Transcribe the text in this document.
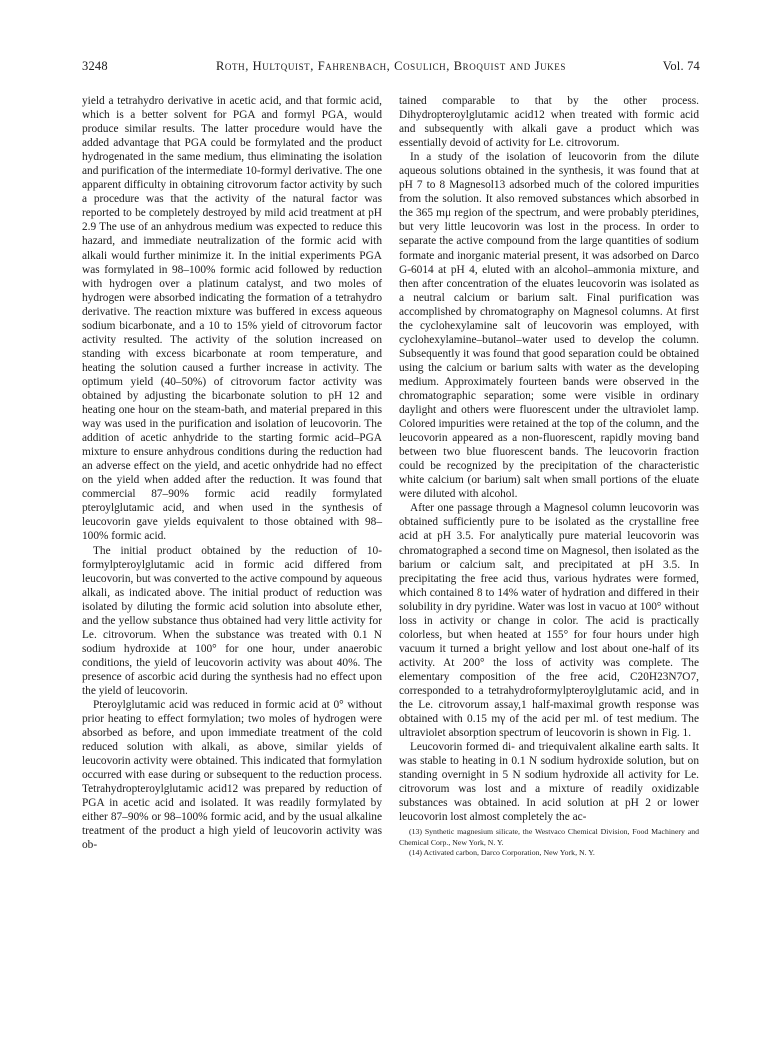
3248	Roth, Hultquist, Fahrenbach, Cosulich, Broquist and Jukes	Vol. 74

yield a tetrahydro derivative in acetic acid, and that formic acid, which is a better solvent for PGA and formyl PGA, would produce similar results. The latter procedure would have the added advantage that PGA could be formylated and the product hydrogenated in the same medium, thus eliminating the isolation and purification of the intermediate 10-formyl derivative. The one apparent difficulty in obtaining citrovorum factor activity by such a procedure was that the activity of the natural factor was reported to be completely destroyed by mild acid treatment at pH 2.9 The use of an anhydrous medium was expected to reduce this hazard, and immediate neutralization of the formic acid with alkali would further minimize it. In the initial experiments PGA was formylated in 98–100% formic acid followed by reduction with hydrogen over a platinum catalyst, and two moles of hydrogen were absorbed indicating the formation of a tetrahydro derivative. The reaction mixture was buffered in excess aqueous sodium bicarbonate, and a 10 to 15% yield of citrovorum factor activity resulted. The activity of the solution increased on standing with excess bicarbonate at room temperature, and heating the solution caused a further increase in activity. The optimum yield (40–50%) of citrovorum factor activity was obtained by adjusting the bicarbonate solution to pH 12 and heating one hour on the steam-bath, and material prepared in this way was used in the purification and isolation of leucovorin. The addition of acetic anhydride to the starting formic acid–PGA mixture to ensure anhydrous conditions during the reduction had an adverse effect on the yield, and acetic onhydride had no effect on the yield when added after the reduction. It was found that commercial 87–90% formic acid readily formylated pteroylglutamic acid, and when used in the synthesis of leucovorin gave yields equivalent to those obtained with 98–100% formic acid.

The initial product obtained by the reduction of 10-formylpteroylglutamic acid in formic acid differed from leucovorin, but was converted to the active compound by aqueous alkali, as indicated above. The initial product of reduction was isolated by diluting the formic acid solution into absolute ether, and the yellow substance thus obtained had very little activity for Le. citrovorum. When the substance was treated with 0.1 N sodium hydroxide at 100° for one hour, under anaerobic conditions, the yield of leucovorin activity was about 40%. The presence of ascorbic acid during the synthesis had no effect upon the yield of leucovorin.

Pteroylglutamic acid was reduced in formic acid at 0° without prior heating to effect formylation; two moles of hydrogen were absorbed as before, and upon immediate treatment of the cold reduced solution with alkali, as above, similar yields of leucovorin activity were obtained. This indicated that formylation occurred with ease during or subsequent to the reduction process. Tetrahydropteroylglutamic acid12 was prepared by reduction of PGA in acetic acid and isolated. It was readily formylated by either 87–90% or 98–100% formic acid, and by the usual alkaline treatment of the product a high yield of leucovorin activity was ob-

tained comparable to that by the other process. Dihydropteroylglutamic acid12 when treated with formic acid and subsequently with alkali gave a product which was essentially devoid of activity for Le. citrovorum.

In a study of the isolation of leucovorin from the dilute aqueous solutions obtained in the synthesis, it was found that at pH 7 to 8 Magnesol13 adsorbed much of the colored impurities from the solution. It also removed substances which absorbed in the 365 mμ region of the spectrum, and were probably pteridines, but very little leucovorin was lost in the process. In order to separate the active compound from the large quantities of sodium formate and inorganic material present, it was adsorbed on Darco G-6014 at pH 4, eluted with an alcohol–ammonia mixture, and then after concentration of the eluates leucovorin was isolated as a neutral calcium or barium salt. Final purification was accomplished by chromatography on Magnesol columns. At first the cyclohexylamine salt of leucovorin was employed, with cyclohexylamine–butanol–water used to develop the column. Subsequently it was found that good separation could be obtained using the calcium or barium salts with water as the developing medium. Approximately fourteen bands were observed in the chromatographic separation; some were visible in ordinary daylight and others were fluorescent under the ultraviolet lamp. Colored impurities were retained at the top of the column, and the leucovorin appeared as a non-fluorescent, rapidly moving band between two blue fluorescent bands. The leucovorin fraction could be recognized by the precipitation of the characteristic white calcium (or barium) salt when small portions of the eluate were diluted with alcohol.

After one passage through a Magnesol column leucovorin was obtained sufficiently pure to be isolated as the crystalline free acid at pH 3.5. For analytically pure material leucovorin was chromatographed a second time on Magnesol, then isolated as the barium or calcium salt, and precipitated at pH 3.5. In precipitating the free acid thus, various hydrates were formed, which contained 8 to 14% water of hydration and differed in their solubility in dry pyridine. Water was lost in vacuo at 100° without loss in activity or change in color. The acid is practically colorless, but when heated at 155° for four hours under high vacuum it turned a bright yellow and lost about one-half of its activity. At 200° the loss of activity was complete. The elementary composition of the free acid, C20H23N7O7, corresponded to a tetrahydroformylpteroylglutamic acid, and in the Le. citrovorum assay,1 half-maximal growth response was obtained with 0.15 mγ of the acid per ml. of test medium. The ultraviolet absorption spectrum of leucovorin is shown in Fig. 1.

Leucovorin formed di- and triequivalent alkaline earth salts. It was stable to heating in 0.1 N sodium hydroxide solution, but on standing overnight in 5 N sodium hydroxide all activity for Le. citrovorum was lost and a mixture of readily oxidizable substances was obtained. In acid solution at pH 2 or lower leucovorin lost almost completely the ac-

(13) Synthetic magnesium silicate, the Westvaco Chemical Division, Food Machinery and Chemical Corp., New York, N. Y.
(14) Activated carbon, Darco Corporation, New York, N. Y.
